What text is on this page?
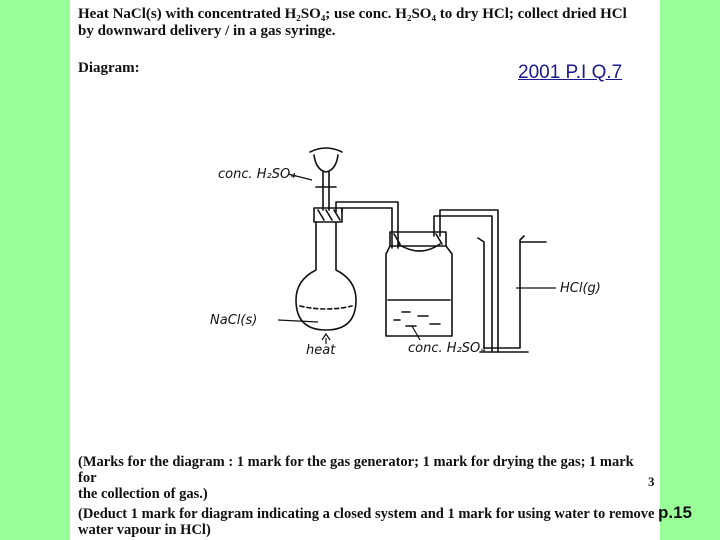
Heat NaCl(s) with concentrated H₂SO₄; use conc. H₂SO₄ to dry HCl; collect dried HCl
by downward delivery / in a gas syringe.
Diagram:	2001 P.I Q.7
conc. H₂SO₄
NaCl(s)
heat	conc. H₂SO₄
HCl(g)
(Marks for the diagram : 1 mark for the gas generator; 1 mark for drying the gas; 1 mark for
the collection of gas.)
3
(Deduct 1 mark for diagram indicating a closed system and 1 mark for using water to remove
water vapour in HCl)
p.15
